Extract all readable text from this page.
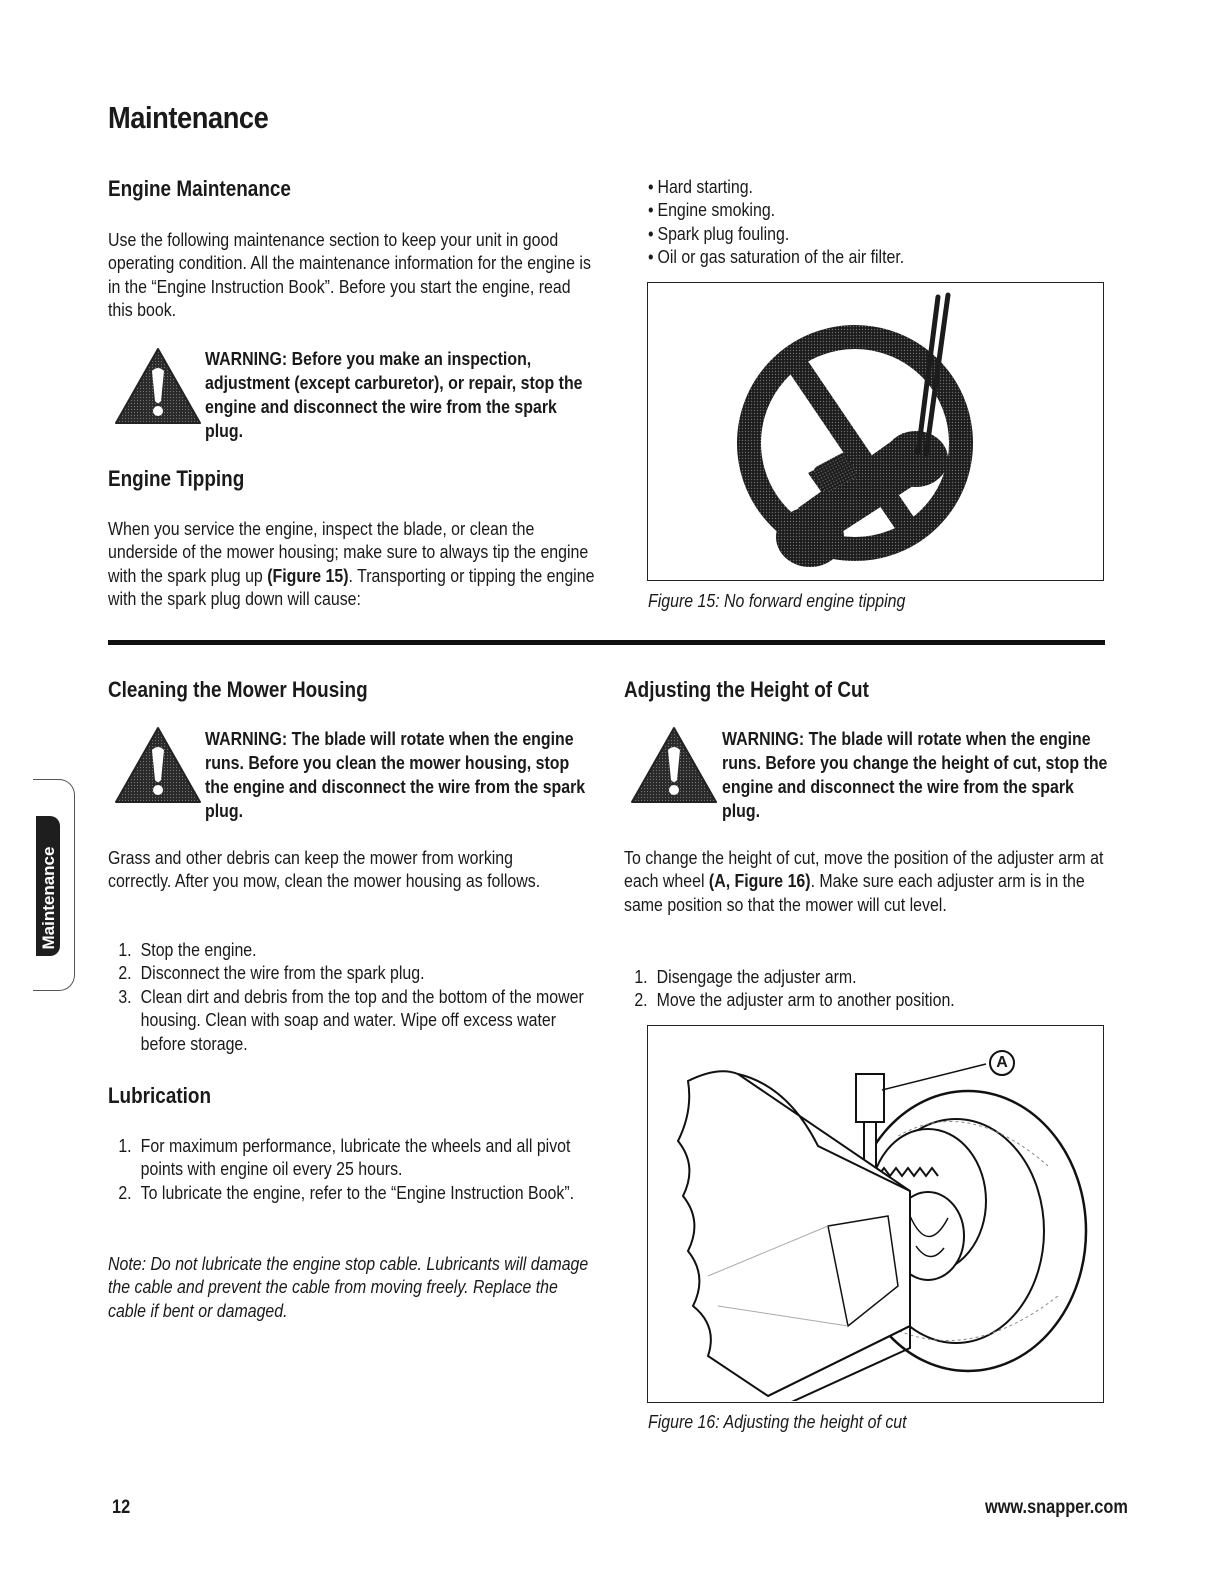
Maintenance
Maintenance
Engine Maintenance
Use the following maintenance section to keep your unit in good operating condition. All the maintenance information for the engine is in the “Engine Instruction Book”. Before you start the engine, read this book.
WARNING: Before you make an inspection, adjustment (except carburetor), or repair, stop the engine and disconnect the wire from the spark plug.
Engine Tipping
When you service the engine, inspect the blade, or clean the underside of the mower housing; make sure to always tip the engine with the spark plug up (Figure 15). Transporting or tipping the engine with the spark plug down will cause:
• Hard starting.
• Engine smoking.
• Spark plug fouling.
• Oil or gas saturation of the air filter.
Figure 15: No forward engine tipping
Cleaning the Mower Housing
WARNING: The blade will rotate when the engine runs. Before you clean the mower housing, stop the engine and disconnect the wire from the spark plug.
Grass and other debris can keep the mower from working correctly. After you mow, clean the mower housing as follows.
1. Stop the engine.
2. Disconnect the wire from the spark plug.
3. Clean dirt and debris from the top and the bottom of the mower housing. Clean with soap and water. Wipe off excess water before storage.
Lubrication
1. For maximum performance, lubricate the wheels and all pivot points with engine oil every 25 hours.
2. To lubricate the engine, refer to the “Engine Instruction Book”.
Note: Do not lubricate the engine stop cable. Lubricants will damage the cable and prevent the cable from moving freely. Replace the cable if bent or damaged.
Adjusting the Height of Cut
WARNING: The blade will rotate when the engine runs. Before you change the height of cut, stop the engine and disconnect the wire from the spark plug.
To change the height of cut, move the position of the adjuster arm at each wheel (A, Figure 16). Make sure each adjuster arm is in the same position so that the mower will cut level.
1. Disengage the adjuster arm.
2. Move the adjuster arm to another position.
A
Figure 16: Adjusting the height of cut
12	www.snapper.com
